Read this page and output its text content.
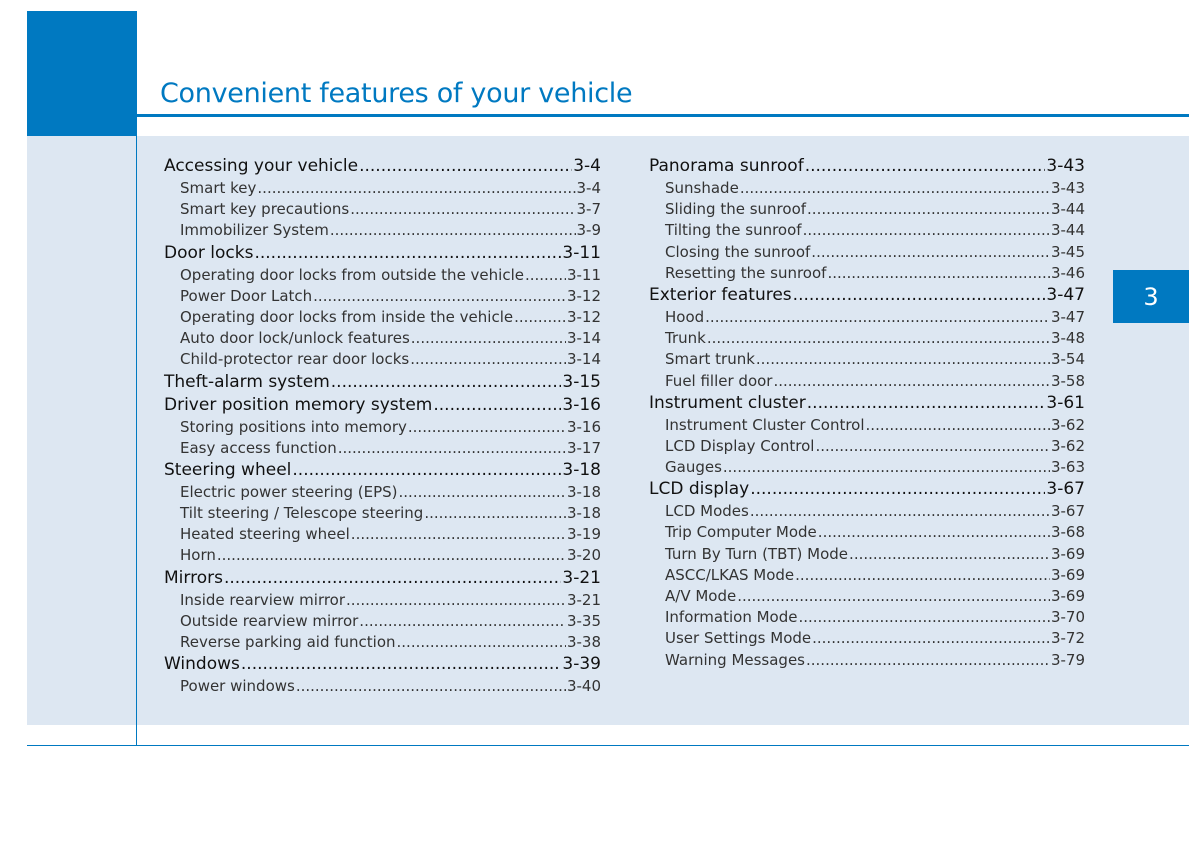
Convenient features of your vehicle
3
Accessing your vehicle .....	3-4
Smart key .....	3-4
Smart key precautions .....	3-7
Immobilizer System .....	3-9
Door locks .....	3-11
Operating door locks from outside the vehicle .....	3-11
Power Door Latch .....	3-12
Operating door locks from inside the vehicle .....	3-12
Auto door lock/unlock features .....	3-14
Child-protector rear door locks .....	3-14
Theft-alarm system .....	3-15
Driver position memory system .....	3-16
Storing positions into memory .....	3-16
Easy access function .....	3-17
Steering wheel .....	3-18
Electric power steering (EPS) .....	3-18
Tilt steering / Telescope steering .....	3-18
Heated steering wheel .....	3-19
Horn .....	3-20
Mirrors .....	3-21
Inside rearview mirror .....	3-21
Outside rearview mirror .....	3-35
Reverse parking aid function .....	3-38
Windows .....	3-39
Power windows .....	3-40
Panorama sunroof .....	3-43
Sunshade .....	3-43
Sliding the sunroof .....	3-44
Tilting the sunroof .....	3-44
Closing the sunroof .....	3-45
Resetting the sunroof .....	3-46
Exterior features .....	3-47
Hood .....	3-47
Trunk .....	3-48
Smart trunk .....	3-54
Fuel filler door .....	3-58
Instrument cluster .....	3-61
Instrument Cluster Control .....	3-62
LCD Display Control .....	3-62
Gauges .....	3-63
LCD display .....	3-67
LCD Modes .....	3-67
Trip Computer Mode .....	3-68
Turn By Turn (TBT) Mode .....	3-69
ASCC/LKAS Mode .....	3-69
A/V Mode .....	3-69
Information Mode .....	3-70
User Settings Mode .....	3-72
Warning Messages .....	3-79
